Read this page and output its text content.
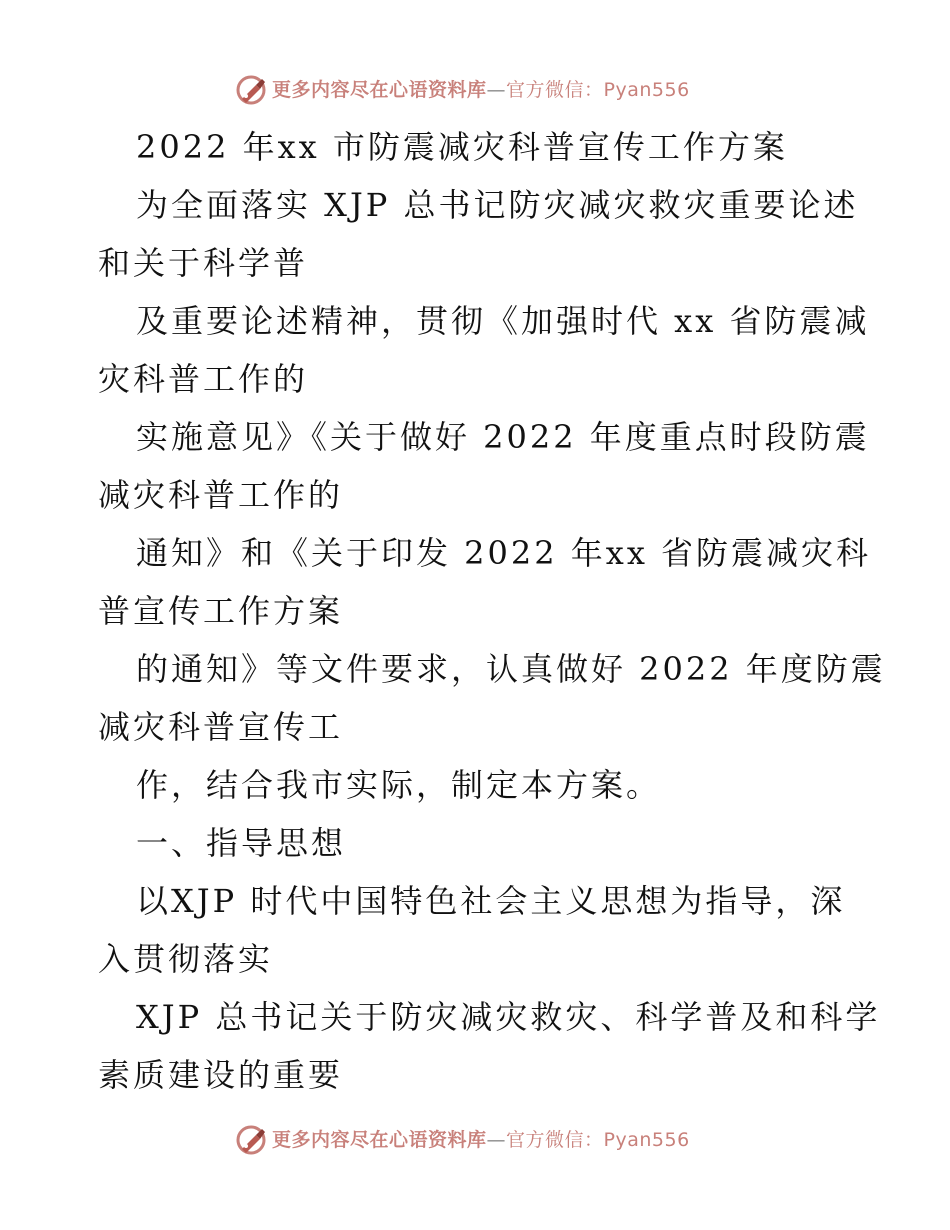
更多内容尽在心语资料库—官方微信：Pyan556
2022 年xx 市防震减灾科普宣传工作方案
为全面落实 XJP 总书记防灾减灾救灾重要论述
和关于科学普
及重要论述精神，贯彻《加强时代 xx 省防震减
灾科普工作的
实施意见》《关于做好 2022 年度重点时段防震
减灾科普工作的
通知》和《关于印发 2022 年xx 省防震减灾科
普宣传工作方案
的通知》等文件要求，认真做好 2022 年度防震
减灾科普宣传工
作，结合我市实际，制定本方案。
一、指导思想
以XJP 时代中国特色社会主义思想为指导，深
入贯彻落实
XJP 总书记关于防灾减灾救灾、科学普及和科学
素质建设的重要
更多内容尽在心语资料库—官方微信：Pyan556
